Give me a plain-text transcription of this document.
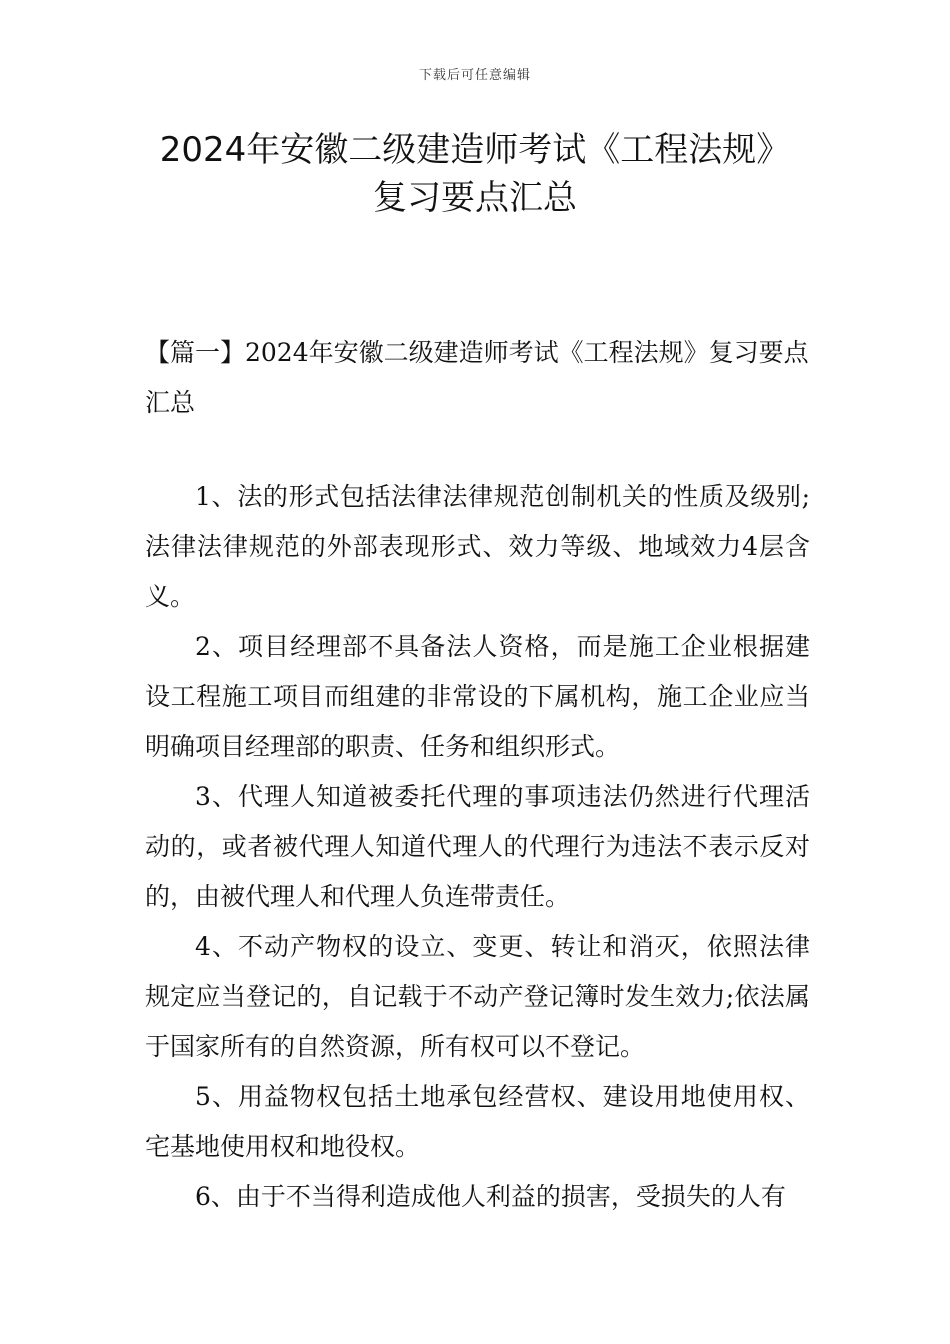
下载后可任意编辑
2024年安徽二级建造师考试《工程法规》
复习要点汇总
【篇一】2024年安徽二级建造师考试《工程法规》复习要点汇总

1、法的形式包括法律法律规范创制机关的性质及级别;法律法律规范的外部表现形式、效力等级、地域效力4层含义。

2、项目经理部不具备法人资格，而是施工企业根据建设工程施工项目而组建的非常设的下属机构，施工企业应当明确项目经理部的职责、任务和组织形式。

3、代理人知道被委托代理的事项违法仍然进行代理活动的，或者被代理人知道代理人的代理行为违法不表示反对的，由被代理人和代理人负连带责任。

4、不动产物权的设立、变更、转让和消灭，依照法律规定应当登记的，自记载于不动产登记簿时发生效力;依法属于国家所有的自然资源，所有权可以不登记。

5、用益物权包括土地承包经营权、建设用地使用权、宅基地使用权和地役权。

6、由于不当得利造成他人利益的损害，受损失的人有
